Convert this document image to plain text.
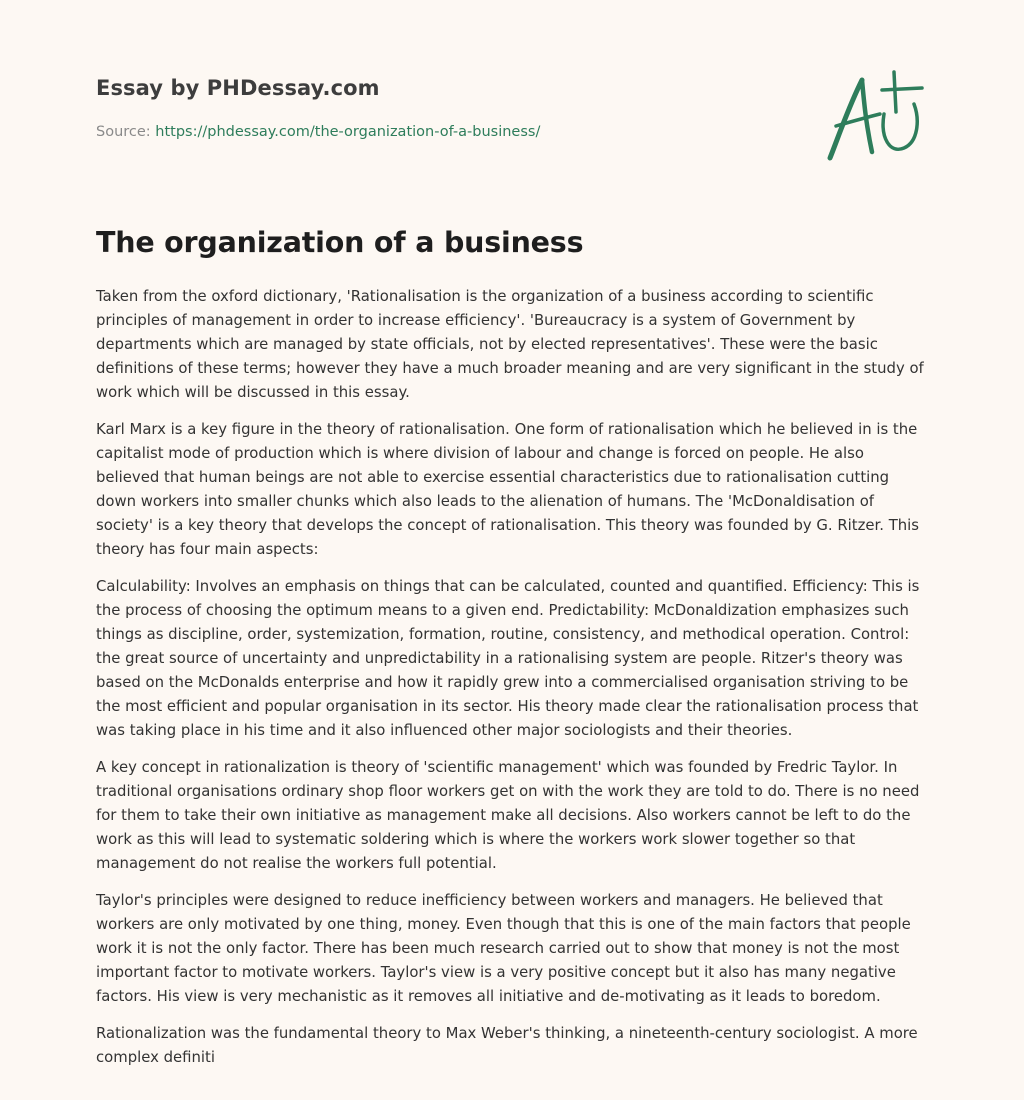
Essay by PHDessay.com
Source: https://phdessay.com/the-organization-of-a-business/
The organization of a business

Taken from the oxford dictionary, 'Rationalisation is the organization of a business according to scientific principles of management in order to increase efficiency'. 'Bureaucracy is a system of Government by departments which are managed by state officials, not by elected representatives'. These were the basic definitions of these terms; however they have a much broader meaning and are very significant in the study of work which will be discussed in this essay.

Karl Marx is a key figure in the theory of rationalisation. One form of rationalisation which he believed in is the capitalist mode of production which is where division of labour and change is forced on people. He also believed that human beings are not able to exercise essential characteristics due to rationalisation cutting down workers into smaller chunks which also leads to the alienation of humans. The 'McDonaldisation of society' is a key theory that develops the concept of rationalisation. This theory was founded by G. Ritzer. This theory has four main aspects:

Calculability: Involves an emphasis on things that can be calculated, counted and quantified. Efficiency: This is the process of choosing the optimum means to a given end. Predictability: McDonaldization emphasizes such things as discipline, order, systemization, formation, routine, consistency, and methodical operation. Control: the great source of uncertainty and unpredictability in a rationalising system are people. Ritzer's theory was based on the McDonalds enterprise and how it rapidly grew into a commercialised organisation striving to be the most efficient and popular organisation in its sector. His theory made clear the rationalisation process that was taking place in his time and it also influenced other major sociologists and their theories.

A key concept in rationalization is theory of 'scientific management' which was founded by Fredric Taylor. In traditional organisations ordinary shop floor workers get on with the work they are told to do. There is no need for them to take their own initiative as management make all decisions. Also workers cannot be left to do the work as this will lead to systematic soldering which is where the workers work slower together so that management do not realise the workers full potential.

Taylor's principles were designed to reduce inefficiency between workers and managers. He believed that workers are only motivated by one thing, money. Even though that this is one of the main factors that people work it is not the only factor. There has been much research carried out to show that money is not the most important factor to motivate workers. Taylor's view is a very positive concept but it also has many negative factors. His view is very mechanistic as it removes all initiative and de-motivating as it leads to boredom.

Rationalization was the fundamental theory to Max Weber's thinking, a nineteenth-century sociologist. A more complex definiti
